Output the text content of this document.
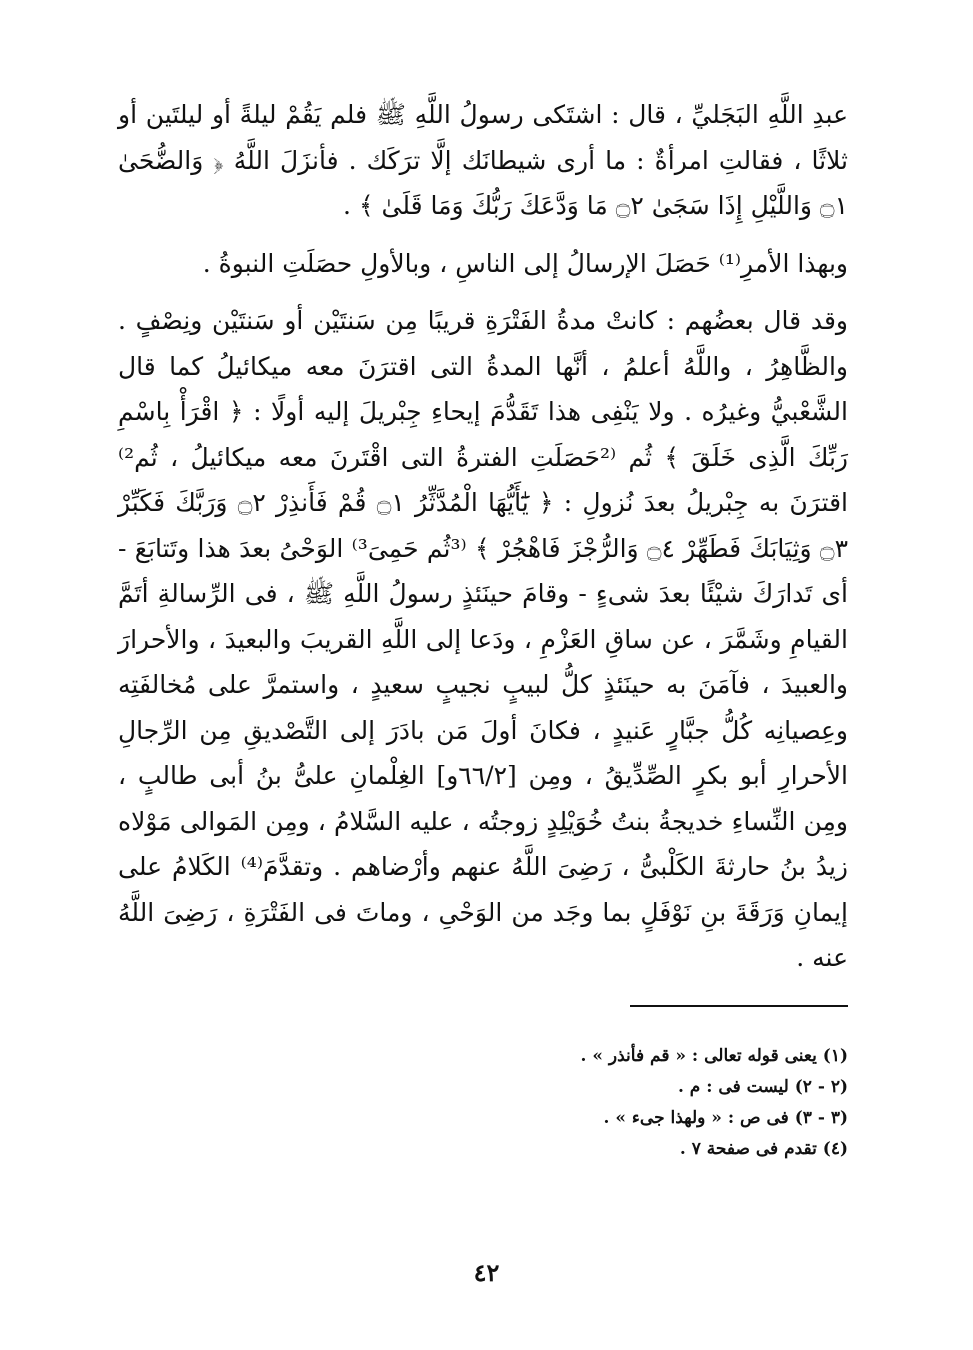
عبدِ اللَّهِ البَجَليِّ ، قال : اشتَكى رسولُ اللَّهِ ﷺ فلم يَقُمْ ليلةً أو ليلتَين أو ثلاثًا ، فقالتِ امرأةٌ : ما أرى شيطانَك إلَّا ترَكَك . فأنزَلَ اللَّهُ ﴿ وَالضُّحَىٰ ۝١ وَاللَّيْلِ إِذَا سَجَىٰ ۝٢ مَا وَدَّعَكَ رَبُّكَ وَمَا قَلَىٰ ﴾ .

وبهذا الأمرِ⁽¹⁾ حَصَلَ الإرسالُ إلى الناسِ ، وبالأولِ حصَلَتِ النبوةُ .

وقد قال بعضُهم : كانتْ مدةُ الفَتْرَةِ قريبًا مِن سَنتَيْن أو سَنتَيْن ونِصْفٍ . والظَّاهِرُ ، واللَّهُ أعلمُ ، أنَّها المدةُ التى اقترَنَ معه ميكائيلُ كما قال الشَّعْبيُّ وغيرُه . ولا يَنْفِى هذا تَقَدُّمَ إيحاءِ جِبْريلَ إليه أولًا : ﴿ اقْرَأْ بِاسْمِ رَبِّكَ الَّذِى خَلَقَ ﴾ ثُم ⁽²حَصَلَتِ الفترةُ التى اقْتَرنَ معه ميكائيلُ ، ثُم²⁾ اقترَنَ به جِبْريلُ بعدَ نُزولِ : ﴿ يَٰٓأَيُّهَا الْمُدَّثِّرُ ۝١ قُمْ فَأَنذِرْ ۝٢ وَرَبَّكَ فَكَبِّرْ ۝٣ وَثِيَابَكَ فَطَهِّرْ ۝٤ وَالرُّجْزَ فَاهْجُرْ ﴾ ⁽³ثُم حَمِىَ³⁾ الوَحْىُ بعدَ هذا وتَتابَعَ - أى تَدارَكَ شيْئًا بعدَ شىءٍ - وقامَ حينَئذٍ رسولُ اللَّهِ ﷺ ، فى الرِّسالةِ أتَمَّ القيامِ وشَمَّرَ ، عن ساقِ العَزْمِ ، ودَعا إلى اللَّهِ القريبَ والبعيدَ ، والأحرارَ والعبيدَ ، فآمَنَ به حينَئذٍ كلُّ لبيبٍ نجيبٍ سعيدٍ ، واستمرَّ على مُخالفَتِه وعِصيانِه كُلُّ جبَّارٍ عَنيدٍ ، فكانَ أولَ مَن بادَرَ إلى التَّصْديقِ مِن الرِّجالِ الأحرارِ أبو بكرٍ الصِّدِّيقُ ، ومِن [٦٦/٢و] الغِلْمانِ علىُّ بنُ أبى طالبٍ ، ومِن النِّساءِ خديجةُ بنتُ خُوَيْلِدٍ زوجتُه ، عليه السَّلامُ ، ومِن المَوالى مَوْلاه زيدُ بنُ حارثةَ الكَلْبىُّ ، رَضِىَ اللَّهُ عنهم وأرْضاهم . وتقدَّمَ⁽⁴⁾ الكَلامُ على إيمانِ وَرَقَةَ بنِ نَوْفَلٍ بما وجَد من الوَحْىِ ، وماتَ فى الفَتْرَةِ ، رَضِىَ اللَّهُ عنه .

(١) يعنى قوله تعالى : « قم فأنذر » .

(٢ - ٢) ليست فى : م .

(٣ - ٣) فى ص : « ولهذا جىء » .

(٤) تقدم فى صفحة ٧ .

٤٢
